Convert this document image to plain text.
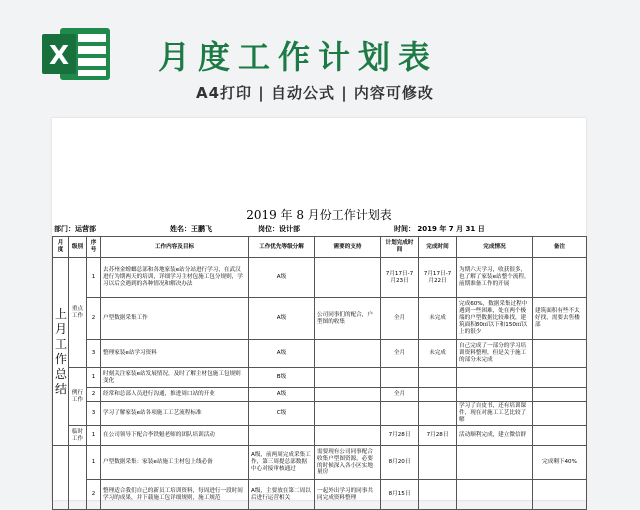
X	月度工作计划表
A4打印 | 自动公式 | 内容可修改
2019 年 8 月份工作计划表
部门：运营部	姓名：王鹏飞	岗位：设计部	时间： 2019 年 7 月 31 日
月度	级别	序号	工作内容及目标	工作优先等级分解	需要的支持	计划完成时间	完成时间	完成情况	备注
上月工作总结	重点工作	1	去苏州金螳螂总部和各地家装e站分站进行学习，在武汉进行为期两天的培训，详细学习主材包施工包分规则，学习以后会遇到的各种情况和解决办法	A级		7月17日-7月23日	7月17日-7月22日	为期六天学习，收获很多，也了解了家装e站整个流程，前期准备工作的开展	
		2	户型数据采集工作	A级	公司同事们的配合，户型图的收集	全月	未完成	完成60%，数据采集过程中遇到一些困难，处在两个极端的户型数据比较难找，建筑面积80㎡以下和150㎡以上的很少	建筑面积有些不太好找，需要去售楼部
		3	整理家装e站学习资料	A级		全月	未完成	自己完成了一部分的学习培训资料整理，但是关于施工的部分未完成	
	例行工作	1	时刻关注家装e站发展情况，及时了解主材包施工包规则变化	B级					
		2	经常和总部人员进行沟通，推进周口站的开业	A级		全月			
		3	学习了解家装e站各项施工工艺流程标准	C级				学习了自皮书，还有培训课件，现在对施工工艺比较了解	
	临时工作	1	在公司领导下配合李铁魁老师的团队培训活动			7月28日	7月28日	活动顺利完成，建立微信群	
		1	户型数据采集：家装e站施工主材包上线必备	A级，前两周完成采集工作，第三周提总部数据中心对接审核通过	需要现有公司同事配合收集户型图资源，必要的时候深入各小区实地量房	8月20日			完成剩下40%
		2	整理适合我们自己的新员工培训资料，每周进行一段时间学习的成果，并下载施工包详细规则，施工规范	A级，主要放在第二周以后进行运营相关	一起外出学习的同事共同完成资料整理	8月15日			
